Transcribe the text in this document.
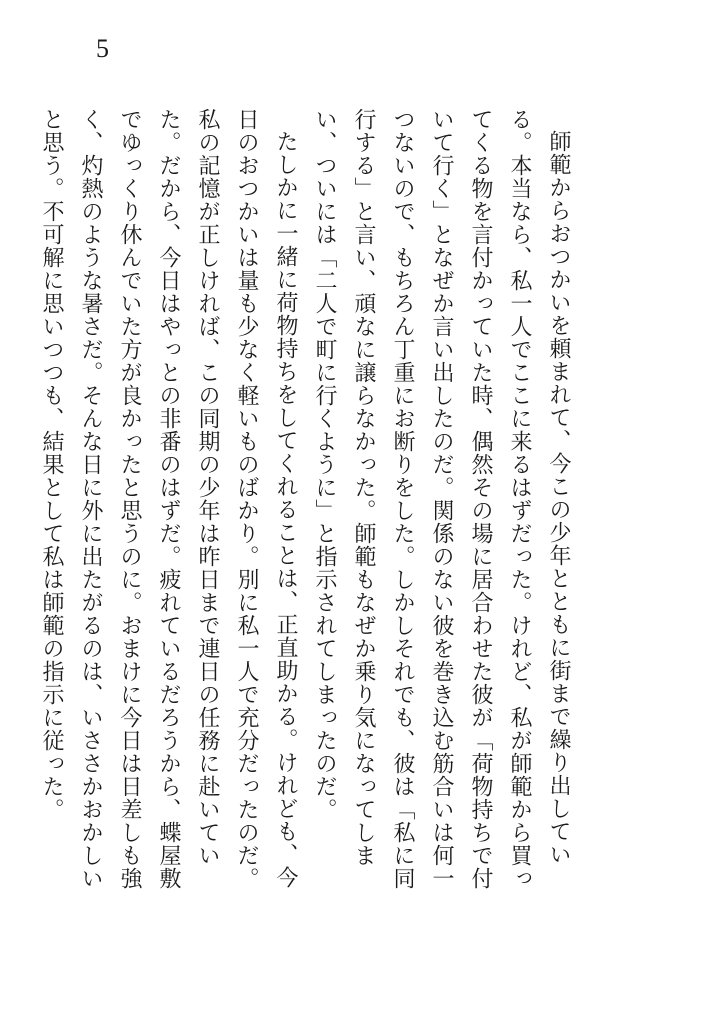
5

師範からおつかいを頼まれて、今この少年とともに街まで繰り出している。本当なら、私一人でここに来るはずだった。けれど、私が師範から買ってくる物を言付かっていた時、偶然その場に居合わせた彼が「荷物持ちで付いて行く」となぜか言い出したのだ。関係のない彼を巻き込む筋合いは何一つないので、もちろん丁重にお断りをした。しかしそれでも、彼は「私に同行する」と言い、頑なに譲らなかった。師範もなぜか乗り気になってしまい、ついには「二人で町に行くように」と指示されてしまったのだ。

たしかに一緒に荷物持ちをしてくれることは、正直助かる。けれども、今日のおつかいは量も少なく軽いものばかり。別に私一人で充分だったのだ。私の記憶が正しければ、この同期の少年は昨日まで連日の任務に赴いていた。だから、今日はやっとの非番のはずだ。疲れているだろうから、蝶屋敷でゆっくり休んでいた方が良かったと思うのに。おまけに今日は日差しも強く、灼熱のような暑さだ。そんな日に外に出たがるのは、いささかおかしいと思う。不可解に思いつつも、結果として私は師範の指示に従った。
